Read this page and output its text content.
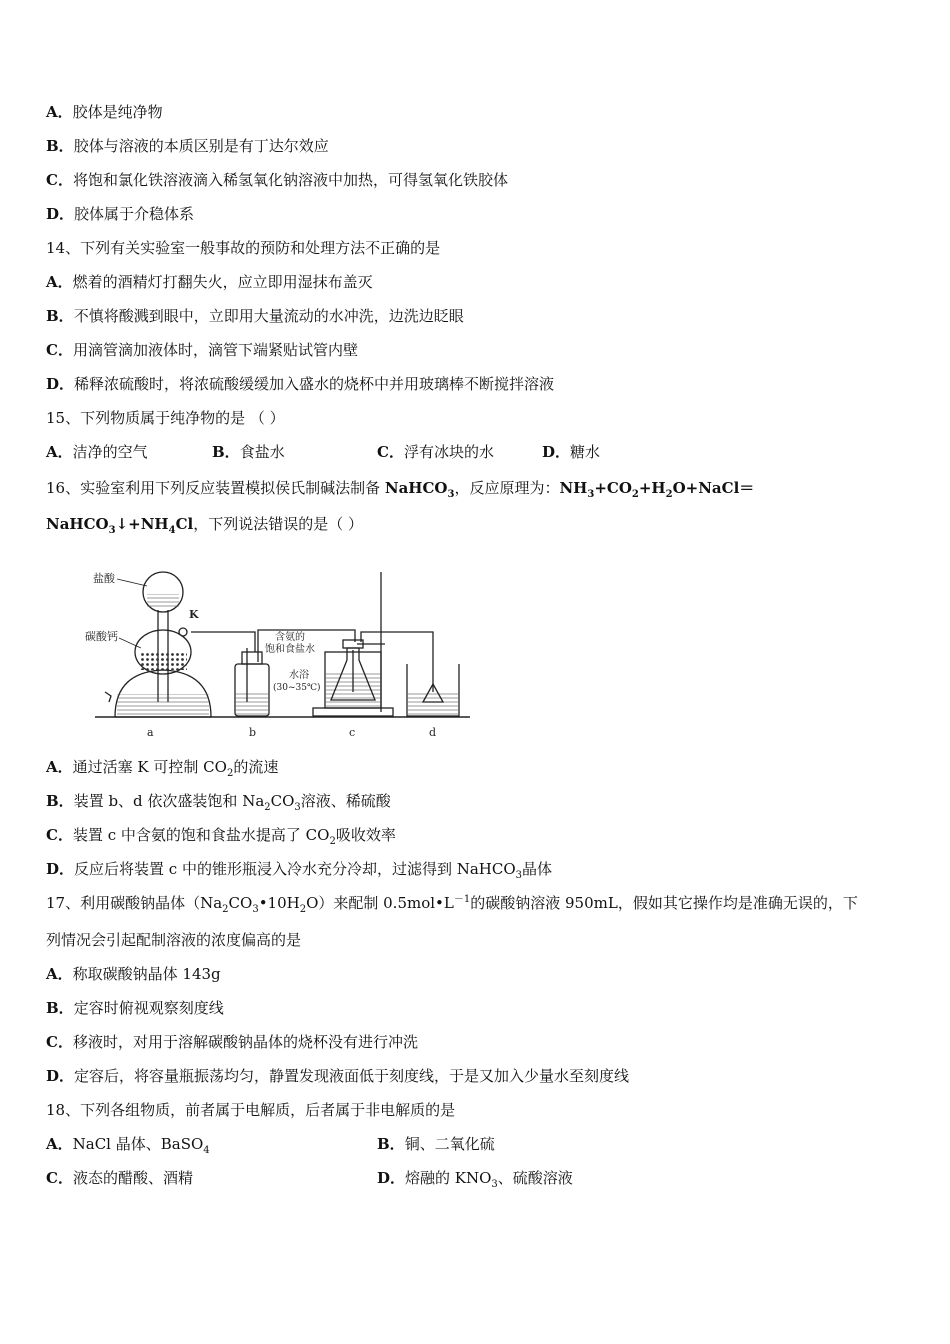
A．胶体是纯净物
B．胶体与溶液的本质区别是有丁达尔效应
C．将饱和氯化铁溶液滴入稀氢氧化钠溶液中加热，可得氢氧化铁胶体
D．胶体属于介稳体系
14、下列有关实验室一般事故的预防和处理方法不正确的是
A．燃着的酒精灯打翻失火，应立即用湿抹布盖灭
B．不慎将酸溅到眼中，立即用大量流动的水冲洗，边洗边眨眼
C．用滴管滴加液体时，滴管下端紧贴试管内壁
D．稀释浓硫酸时，将浓硫酸缓缓加入盛水的烧杯中并用玻璃棒不断搅拌溶液
15、下列物质属于纯净物的是 （ ）
A．洁净的空气	B．食盐水	C．浮有冰块的水	D．糖水
16、实验室利用下列反应装置模拟侯氏制碱法制备 NaHCO$_3$，反应原理为：$NH_3+CO_2+H_2O+NaCl=$
$NaHCO_3↓+NH_4Cl$，下列说法错误的是（ ）
盐酸
K
碳酸钙	含氨的
饱和食盐水
水浴
(30~35℃)
a	b	c	d
A．通过活塞 K 可控制 $CO_2$的流速
B．装置 b、d 依次盛装饱和 $Na_2CO_3$溶液、稀硫酸
C．装置 c 中含氨的饱和食盐水提高了 $CO_2$吸收效率
D．反应后将装置 c 中的锥形瓶浸入冷水充分冷却，过滤得到 NaHCO$_3$晶体
17、利用碳酸钠晶体$(Na_2CO_3•10H_2O)$来配制 $0.5mol•L^{-1}$的碳酸钠溶液 950mL，假如其它操作均是准确无误的，下
列情况会引起配制溶液的浓度偏高的是
A．称取碳酸钠晶体 143g
B．定容时俯视观察刻度线
C．移液时，对用于溶解碳酸钠晶体的烧杯没有进行冲洗
D．定容后，将容量瓶振荡均匀，静置发现液面低于刻度线，于是又加入少量水至刻度线
18、下列各组物质，前者属于电解质，后者属于非电解质的是
A．NaCl 晶体、BaSO$_4$	B．铜、二氧化硫
C．液态的醋酸、酒精	D．熔融的 $KNO_3$、硫酸溶液
